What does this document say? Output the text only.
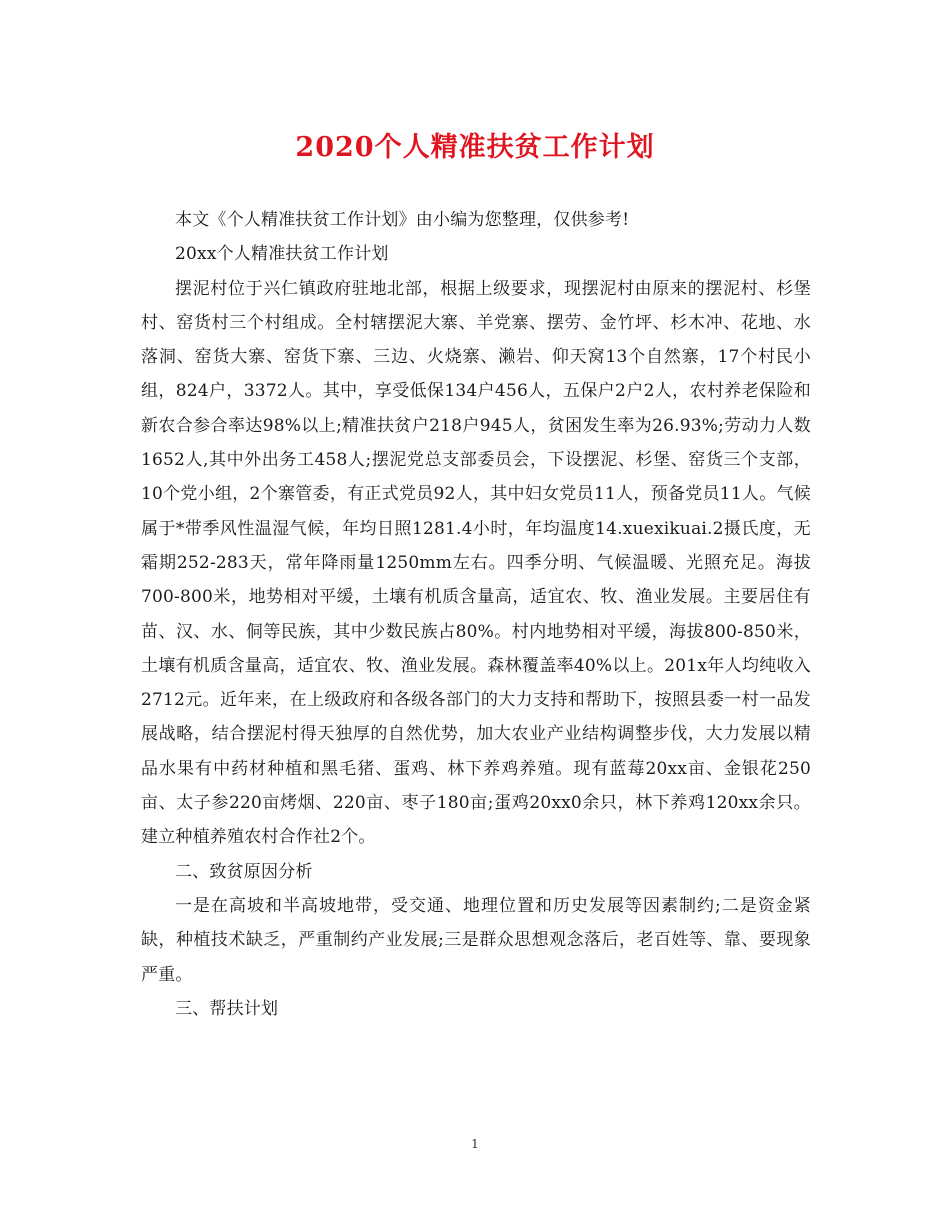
2020个人精准扶贫工作计划

本文《个人精准扶贫工作计划》由小编为您整理，仅供参考!

20xx个人精准扶贫工作计划

摆泥村位于兴仁镇政府驻地北部，根据上级要求，现摆泥村由原来的摆泥村、杉堡村、窑货村三个村组成。全村辖摆泥大寨、羊党寨、摆劳、金竹坪、杉木冲、花地、水落洞、窑货大寨、窑货下寨、三边、火烧寨、濑岩、仰天窝13个自然寨，17个村民小组，824户，3372人。其中，享受低保134户456人，五保户2户2人，农村养老保险和新农合参合率达98%以上;精准扶贫户218户945人，贫困发生率为26.93%;劳动力人数1652人,其中外出务工458人;摆泥党总支部委员会，下设摆泥、杉堡、窑货三个支部，10个党小组，2个寨管委，有正式党员92人，其中妇女党员11人，预备党员11人。气候属于*带季风性温湿气候，年均日照1281.4小时，年均温度14.xuexikuai.2摄氏度，无霜期252-283天，常年降雨量1250mm左右。四季分明、气候温暖、光照充足。海拔700-800米，地势相对平缓，土壤有机质含量高，适宜农、牧、渔业发展。主要居住有苗、汉、水、侗等民族，其中少数民族占80%。村内地势相对平缓，海拔800-850米，土壤有机质含量高，适宜农、牧、渔业发展。森林覆盖率40%以上。201x年人均纯收入2712元。近年来，在上级政府和各级各部门的大力支持和帮助下，按照县委一村一品发展战略，结合摆泥村得天独厚的自然优势，加大农业产业结构调整步伐，大力发展以精品水果有中药材种植和黑毛猪、蛋鸡、林下养鸡养殖。现有蓝莓20xx亩、金银花250亩、太子参220亩烤烟、220亩、枣子180亩;蛋鸡20xx0余只，林下养鸡120xx余只。建立种植养殖农村合作社2个。

二、致贫原因分析

一是在高坡和半高坡地带，受交通、地理位置和历史发展等因素制约;二是资金紧缺，种植技术缺乏，严重制约产业发展;三是群众思想观念落后，老百姓等、靠、要现象严重。

三、帮扶计划

1
